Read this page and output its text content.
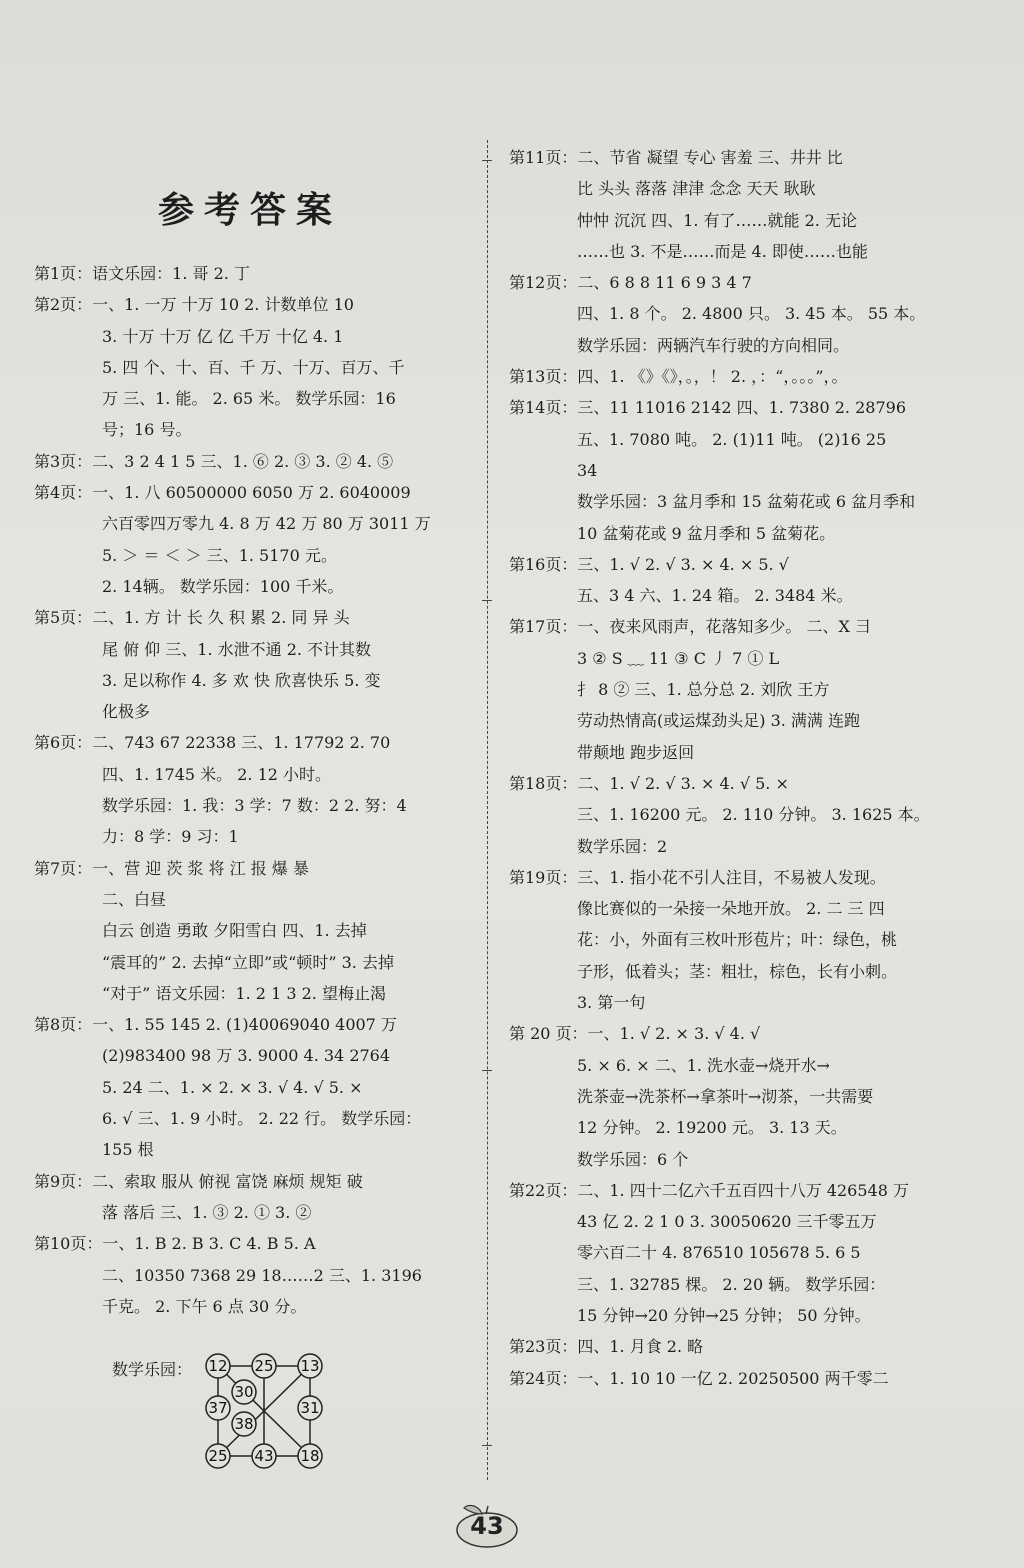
参考答案
第1页：语文乐园：1. 哥 2. 丁
第2页：一、1. 一万 十万 10 2. 计数单位 10
3. 十万 十万 亿 亿 千万 十亿 4. 1
5. 四 个、十、百、千 万、十万、百万、千
万 三、1. 能。 2. 65 米。 数学乐园：16
号；16 号。
第3页：二、3 2 4 1 5 三、1. ⑥ 2. ③ 3. ② 4. ⑤
第4页：一、1. 八 60500000 6050 万 2. 6040009
六百零四万零九 4. 8 万 42 万 80 万 3011 万
5. ＞ ＝ ＜ ＞ 三、1. 5170 元。
2. 14辆。 数学乐园：100 千米。
第5页：二、1. 方 计 长 久 积 累 2. 同 异 头
尾 俯 仰 三、1. 水泄不通 2. 不计其数
3. 足以称作 4. 多 欢 快 欣喜快乐 5. 变
化极多
第6页：二、743 67 22338 三、1. 17792 2. 70
四、1. 1745 米。 2. 12 小时。
数学乐园：1. 我：3 学：7 数：2 2. 努：4
力：8 学：9 习：1
第7页：一、营 迎 茨 浆 将 江 报 爆 暴
二、白昼
白云 创造 勇敢 夕阳雪白 四、1. 去掉
“震耳的” 2. 去掉“立即”或“顿时” 3. 去掉
“对于” 语文乐园：1. 2 1 3 2. 望梅止渴
第8页：一、1. 55 145 2. (1)40069040 4007 万
(2)983400 98 万 3. 9000 4. 34 2764
5. 24 二、1. × 2. × 3. √ 4. √ 5. ×
6. √ 三、1. 9 小时。 2. 22 行。 数学乐园：
155 根
第9页：二、索取 服从 俯视 富饶 麻烦 规矩 破
落 落后 三、1. ③ 2. ① 3. ②
第10页：一、1. B 2. B 3. C 4. B 5. A
二、10350 7368 29 18……2 三、1. 3196
千克。 2. 下午 6 点 30 分。
第11页：二、节省 凝望 专心 害羞 三、井井 比
比 头头 落落 津津 念念 天天 耿耿
忡忡 沉沉 四、1. 有了……就能 2. 无论
……也 3. 不是……而是 4. 即使……也能
第12页：二、6 8 8 11 6 9 3 4 7
四、1. 8 个。 2. 4800 只。 3. 45 本。 55 本。
数学乐园：两辆汽车行驶的方向相同。
第13页：四、1. 《》《》，。，！ 2. ，：“，。。。”，。
第14页：三、11 11016 2142 四、1. 7380 2. 28796
五、1. 7080 吨。 2. (1)11 吨。 (2)16 25
34
数学乐园：3 盆月季和 15 盆菊花或 6 盆月季和
10 盆菊花或 9 盆月季和 5 盆菊花。
第16页：三、1. √ 2. √ 3. × 4. × 5. √
五、3 4 六、1. 24 箱。 2. 3484 米。
第17页：一、夜来风雨声，花落知多少。 二、X 彐
3 ② S ﹏ 11 ③ C 丿 7 ① L
扌 8 ② 三、1. 总分总 2. 刘欣 王方
劳动热情高(或运煤劲头足) 3. 满满 连跑
带颠地 跑步返回
第18页：二、1. √ 2. √ 3. × 4. √ 5. ×
三、1. 16200 元。 2. 110 分钟。 3. 1625 本。
数学乐园：2
第19页：三、1. 指小花不引人注目，不易被人发现。
像比赛似的一朵接一朵地开放。 2. 二 三 四
花：小，外面有三枚叶形苞片；叶：绿色，桃
子形，低着头；茎：粗壮，棕色，长有小刺。
3. 第一句
第 20 页：一、1. √ 2. × 3. √ 4. √
5. × 6. × 二、1. 洗水壶→烧开水→
洗茶壶→洗茶杯→拿茶叶→沏茶，一共需要
12 分钟。 2. 19200 元。 3. 13 天。
数学乐园：6 个
第22页：二、1. 四十二亿六千五百四十八万 426548 万
43 亿 2. 2 1 0 3. 30050620 三千零五万
零六百二十 4. 876510 105678 5. 6 5
三、1. 32785 棵。 2. 20 辆。 数学乐园：
15 分钟→20 分钟→25 分钟； 50 分钟。
第23页：四、1. 月食 2. 略
第24页：一、1. 10 10 一亿 2. 20250500 两千零二
数学乐园： 12 25 13
30
37
38
31
25 43 18
43
